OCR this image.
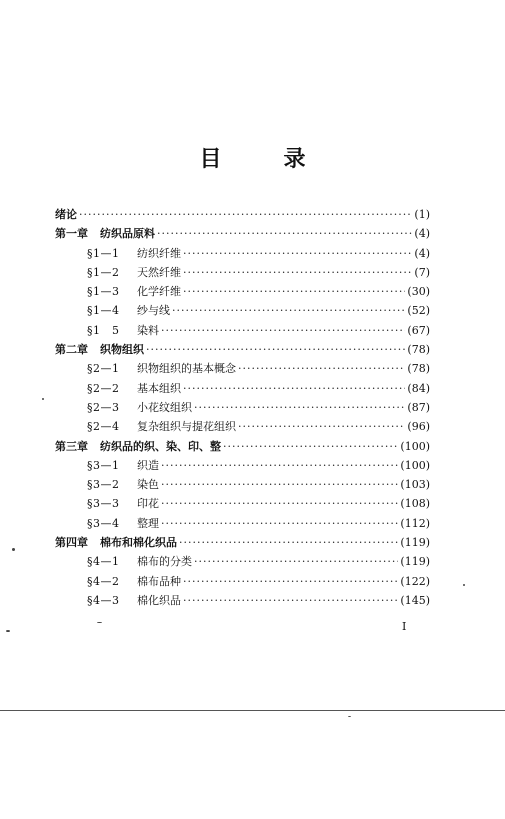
目　录
绪论 ·····	(1)
第一章 纺织品原料 ·····	(4)
§1—1	纺织纤维 ·····	(4)
§1—2	天然纤维 ·····	(7)
§1—3	化学纤维 ·····	(30)
§1—4	纱与线 ·····	(52)
§1　5	染料 ·····	(67)
第二章 织物组织 ·····	(78)
§2—1	织物组织的基本概念 ·····	(78)
§2—2	基本组织 ·····	(84)
§2—3	小花纹组织 ·····	(87)
§2—4	复杂组织与提花组织 ·····	(96)
第三章 纺织品的织、染、印、整 ·····	(100)
§3—1	织造 ·····	(100)
§3—2	染色 ·····	(103)
§3—3	印花 ·····	(108)
§3—4	整理 ·····	(112)
第四章 棉布和棉化织品 ·····	(119)
§4—1	棉布的分类 ·····	(119)
§4—2	棉布品种 ·····	(122)
§4—3	棉化织品 ·····	(145)
I
